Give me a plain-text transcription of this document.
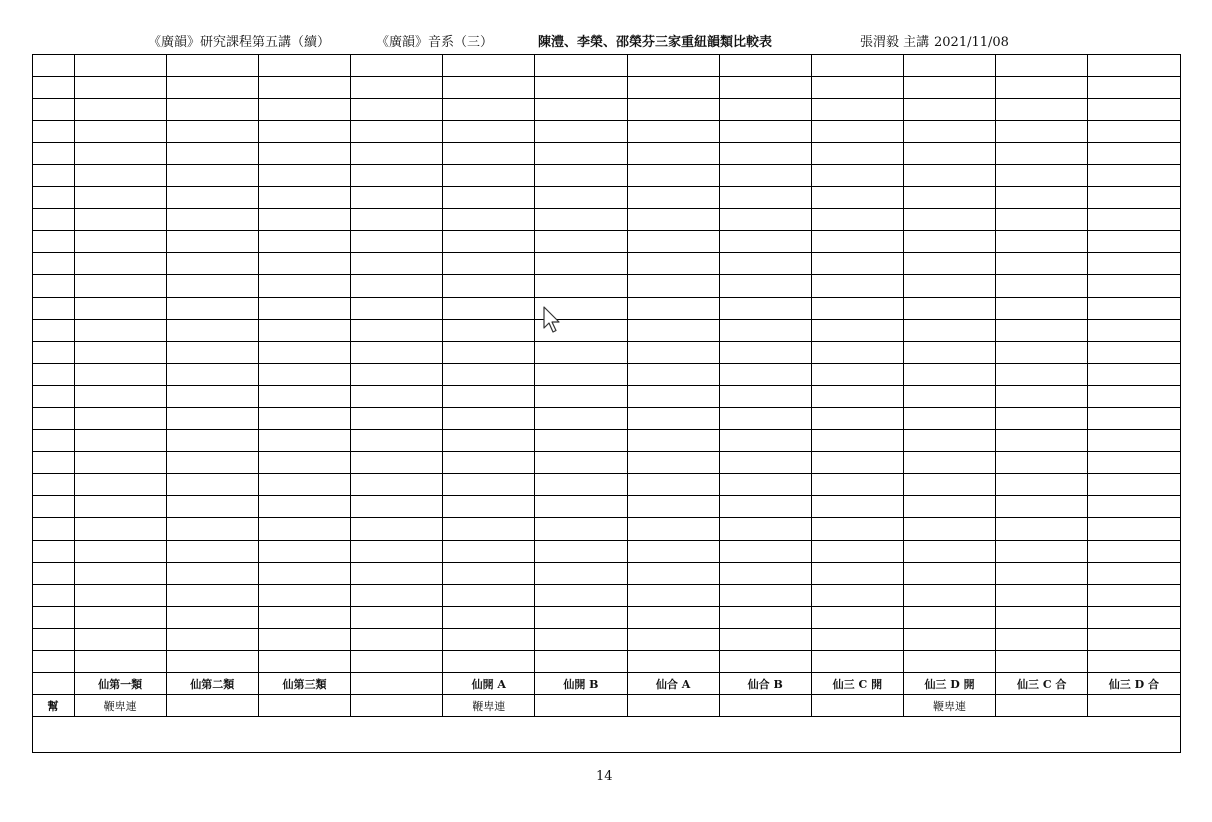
《廣韻》研究課程第五講（續）	《廣韻》音系（三）	陳澧、李榮、邵榮芬三家重紐韻類比較表	張渭毅 主講 2021/11/08

	仙第一類	仙第二類	仙第三類		仙開 A	仙開 B	仙合 A	仙合 B	仙三 C 開	仙三 D 開	仙三 C 合	仙三 D 合
幫	鞭卑連				鞭卑連					鞭卑連		
14
